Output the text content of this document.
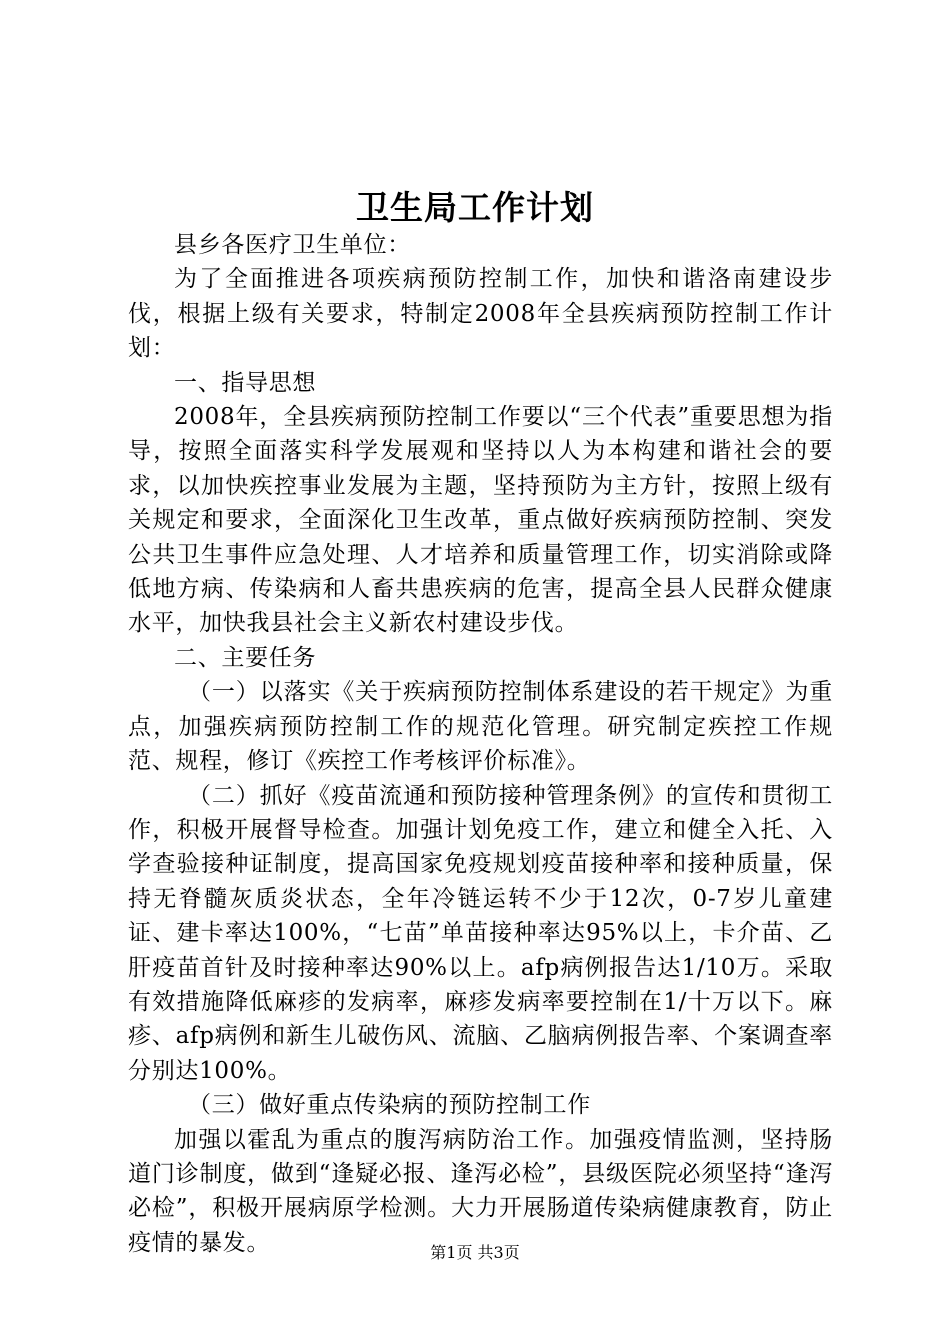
卫生局工作计划

县乡各医疗卫生单位：

为了全面推进各项疾病预防控制工作，加快和谐洛南建设步伐，根据上级有关要求，特制定2008年全县疾病预防控制工作计划：

一、指导思想

2008年，全县疾病预防控制工作要以“三个代表”重要思想为指导，按照全面落实科学发展观和坚持以人为本构建和谐社会的要求，以加快疾控事业发展为主题，坚持预防为主方针，按照上级有关规定和要求，全面深化卫生改革，重点做好疾病预防控制、突发公共卫生事件应急处理、人才培养和质量管理工作，切实消除或降低地方病、传染病和人畜共患疾病的危害，提高全县人民群众健康水平，加快我县社会主义新农村建设步伐。

二、主要任务

（一）以落实《关于疾病预防控制体系建设的若干规定》为重点，加强疾病预防控制工作的规范化管理。研究制定疾控工作规范、规程，修订《疾控工作考核评价标准》。

（二）抓好《疫苗流通和预防接种管理条例》的宣传和贯彻工作，积极开展督导检查。加强计划免疫工作，建立和健全入托、入学查验接种证制度，提高国家免疫规划疫苗接种率和接种质量，保持无脊髓灰质炎状态，全年冷链运转不少于12次，0-7岁儿童建证、建卡率达100%，“七苗”单苗接种率达95%以上，卡介苗、乙肝疫苗首针及时接种率达90%以上。afp病例报告达1/10万。采取有效措施降低麻疹的发病率，麻疹发病率要控制在1/十万以下。麻疹、afp病例和新生儿破伤风、流脑、乙脑病例报告率、个案调查率分别达100%。

（三）做好重点传染病的预防控制工作

加强以霍乱为重点的腹泻病防治工作。加强疫情监测，坚持肠道门诊制度，做到“逢疑必报、逢泻必检”，县级医院必须坚持“逢泻必检”，积极开展病原学检测。大力开展肠道传染病健康教育，防止疫情的暴发。	第1页 共3页
